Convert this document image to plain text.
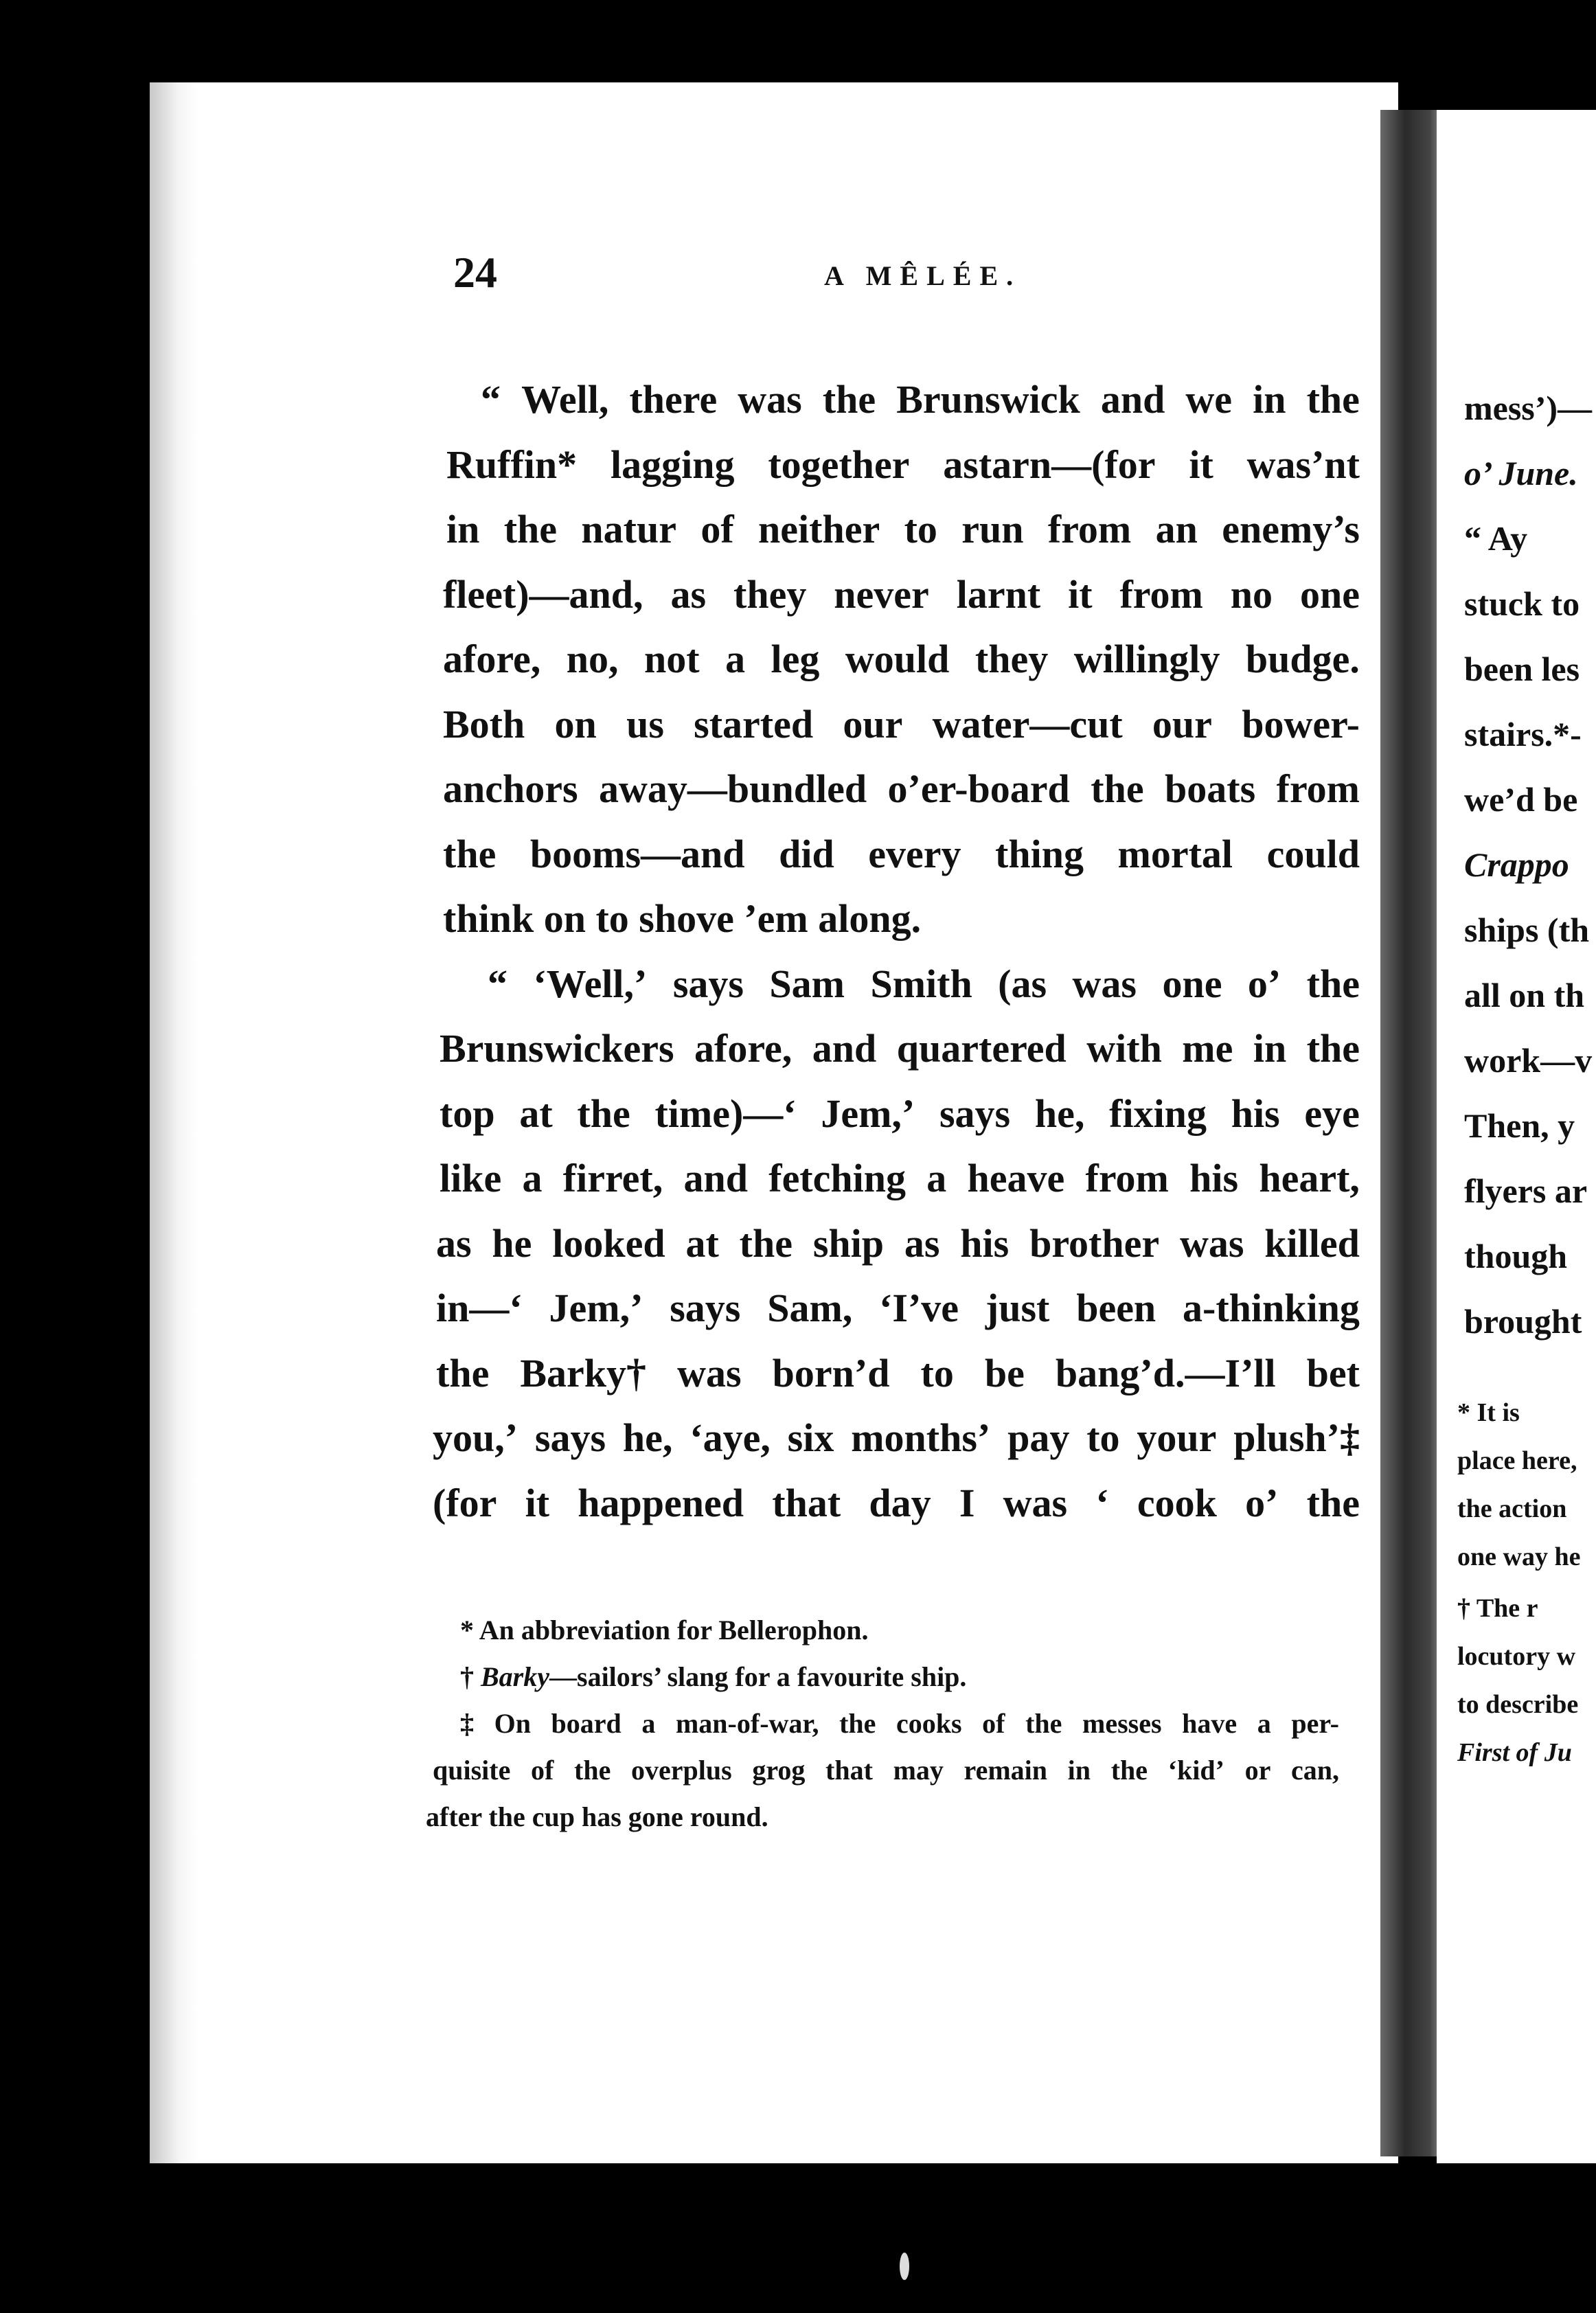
mess’)—
o’ June.
“ Ay
stuck to
been les
stairs.*-
we’d be
Crappo
ships (th
all on th
work—v
Then, y
flyers ar
though
brought
* It is
place here,
the action
one way he
† The r
locutory w
to describe
First of Ju
24	A MÊLÉE.
“ Well, there was the Brunswick and we in the
Ruffin* lagging together astarn—(for it was’nt
in the natur of neither to run from an enemy’s
fleet)—and, as they never larnt it from no one
afore, no, not a leg would they willingly budge.
Both on us started our water—cut our bower-
anchors away—bundled o’er-board the boats from
the booms—and did every thing mortal could
think on to shove ’em along.
“ ‘Well,’ says Sam Smith (as was one o’ the
Brunswickers afore, and quartered with me in the
top at the time)—‘ Jem,’ says he, fixing his eye
like a firret, and fetching a heave from his heart,
as he looked at the ship as his brother was killed
in—‘ Jem,’ says Sam, ‘I’ve just been a-thinking
the Barky† was born’d to be bang’d.—I’ll bet
you,’ says he, ‘aye, six months’ pay to your plush’‡
(for it happened that day I was ‘ cook o’ the
* An abbreviation for Bellerophon.
† Barky—sailors’ slang for a favourite ship.
‡ On board a man-of-war, the cooks of the messes have a per-
quisite of the overplus grog that may remain in the ‘kid’ or can,
after the cup has gone round.
